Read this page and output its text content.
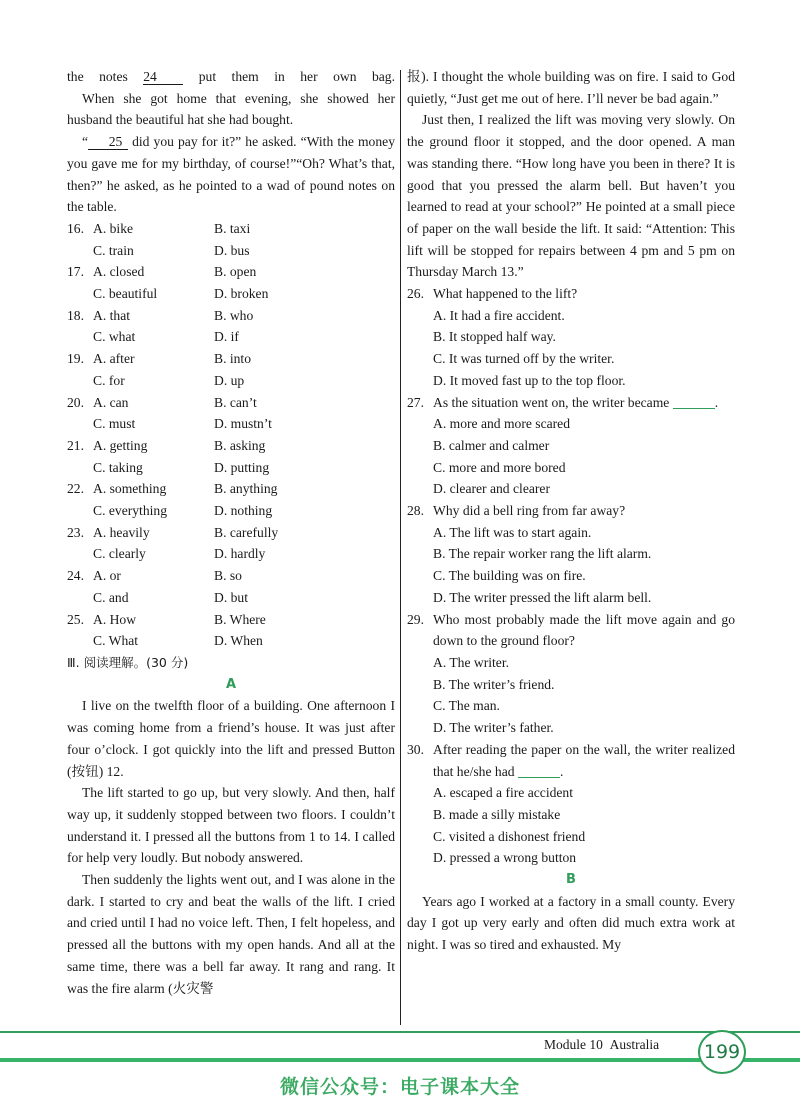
the notes 24 put them in her own bag.

When she got home that evening, she showed her husband the beautiful hat she had bought.

“ 25 did you pay for it?” he asked. “With the money you gave me for my birthday, of course!”“Oh? What’s that, then?” he asked, as he pointed to a wad of pound notes on the table.

16. A. bike	B. taxi
C. train	D. bus
17. A. closed	B. open
C. beautiful	D. broken
18. A. that	B. who
C. what	D. if
19. A. after	B. into
C. for	D. up
20. A. can	B. can’t
C. must	D. mustn’t
21. A. getting	B. asking
C. taking	D. putting
22. A. something	B. anything
C. everything	D. nothing
23. A. heavily	B. carefully
C. clearly	D. hardly
24. A. or	B. so
C. and	D. but
25. A. How	B. Where
C. What	D. When

Ⅲ. 阅读理解。(30 分)

A

I live on the twelfth floor of a building. One afternoon I was coming home from a friend’s house. It was just after four o’clock. I got quickly into the lift and pressed Button (按钮) 12.

The lift started to go up, but very slowly. And then, half way up, it suddenly stopped between two floors. I couldn’t understand it. I pressed all the buttons from 1 to 14. I called for help very loudly. But nobody answered.

Then suddenly the lights went out, and I was alone in the dark. I started to cry and beat the walls of the lift. I cried and cried until I had no voice left. Then, I felt hopeless, and pressed all the buttons with my open hands. And all at the same time, there was a bell far away. It rang and rang. It was the fire alarm (火灾警

报). I thought the whole building was on fire. I said to God quietly, “Just get me out of here. I’ll never be bad again.”

Just then, I realized the lift was moving very slowly. On the ground floor it stopped, and the door opened. A man was standing there. “How long have you been in there? It is good that you pressed the alarm bell. But haven’t you learned to read at your school?” He pointed at a small piece of paper on the wall beside the lift. It said: “Attention: This lift will be stopped for repairs between 4 pm and 5 pm on Thursday March 13.”

26. What happened to the lift?
A. It had a fire accident.
B. It stopped half way.
C. It was turned off by the writer.
D. It moved fast up to the top floor.
27. As the situation went on, the writer became	.
A. more and more scared
B. calmer and calmer
C. more and more bored
D. clearer and clearer
28. Why did a bell ring from far away?
A. The lift was to start again.
B. The repair worker rang the lift alarm.
C. The building was on fire.
D. The writer pressed the lift alarm bell.
29. Who most probably made the lift move again and go down to the ground floor?
A. The writer.
B. The writer’s friend.
C. The man.
D. The writer’s father.
30. After reading the paper on the wall, the writer realized that he/she had	.
A. escaped a fire accident
B. made a silly mistake
C. visited a dishonest friend
D. pressed a wrong button

B

Years ago I worked at a factory in a small county. Every day I got up very early and often did much extra work at night. I was so tired and exhausted. My

Module 10 Australia	199
微信公众号：电子课本大全
